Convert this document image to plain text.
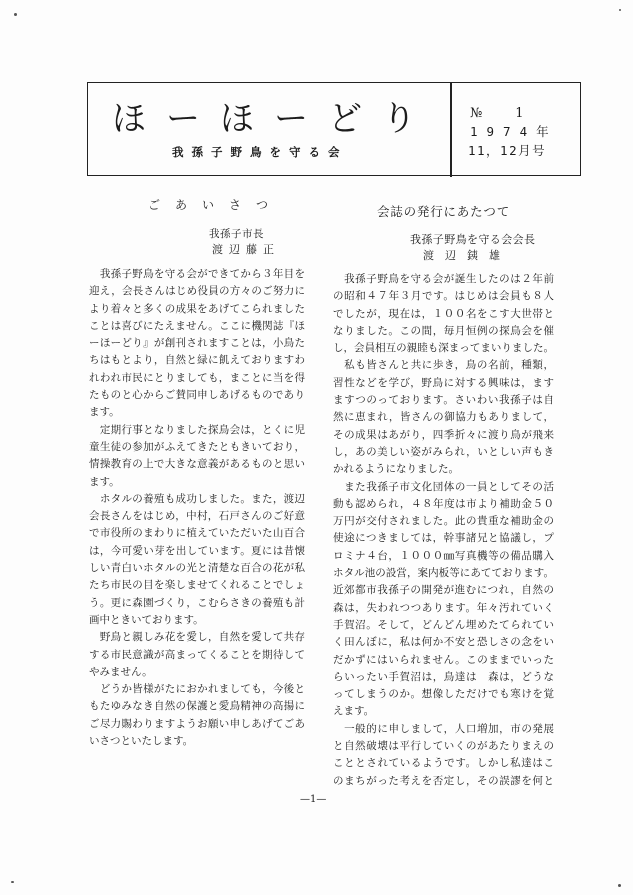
ほーほーどり
我孫子野鳥を守る会
№　1
1974年
11，12月号
ごあいさつ
我孫子市長
渡辺藤正
　我孫子野鳥を守る会ができてから３年目を
迎え，会長さんはじめ役員の方々のご努力に
より着々と多くの成果をあげてこられました
ことは喜びにたえません。ここに機関誌『ほ
ーほーどり』が創刊されますことは，小鳥た
ちはもとより，自然と緑に飢えておりますわ
れわれ市民にとりましても，まことに当を得
たものと心からご賛同申しあげるものであり
ます。
　定期行事となりました探鳥会は，とくに児
童生徒の参加がふえてきたともきいており，
情操教育の上で大きな意義があるものと思い
ます。
　ホタルの養殖も成功しました。また，渡辺
会長さんをはじめ，中村，石戸さんのご好意
で市役所のまわりに植えていただいた山百合
は，今可愛い芽を出しています。夏には昔懐
しい青白いホタルの光と清楚な百合の花が私
たち市民の目を楽しませてくれることでしょ
う。更に森園づくり，こむらさきの養殖も計
画中ときいております。
　野鳥と親しみ花を愛し，自然を愛して共存
する市民意識が高まってくることを期待して
やみません。
　どうか皆様がたにおかれましても，今後と
もたゆみなき自然の保護と愛鳥精神の高揚に
ご尽力賜わりますようお願い申しあげてごあ
いさつといたします。
会誌の発行にあたつて
我孫子野鳥を守る会会長
渡辺銕雄
　我孫子野鳥を守る会が誕生したのは２年前
の昭和４７年３月です。はじめは会員も８人
でしたが，現在は，１００名をこす大世帯と
なりました。この間，毎月恒例の探鳥会を催
し，会員相互の親睦も深まってまいりました。
　私も皆さんと共に歩き，鳥の名前，種類，
習性などを学び，野鳥に対する興味は，ます
ますつのっております。さいわい我孫子は自
然に恵まれ，皆さんの御協力もありまして，
その成果はあがり，四季折々に渡り鳥が飛来
し，あの美しい姿がみられ，いとしい声もき
かれるようになりました。
　また我孫子市文化団体の一員としてその活
動も認められ，４８年度は市より補助金５０
万円が交付されました。此の貴重な補助金の
使途につきましては，幹事諸兄と協議し，プ
ロミナ４台，１０００㎜写真機等の備品購入
ホタル池の設営，案内板等にあてております。
近郊都市我孫子の開発が進むにつれ，自然の
森は，失われつつあります。年々汚れていく
手賀沼。そして，どんどん埋めたてられてい
く田んぼに，私は何か不安と恐しさの念をい
だかずにはいられません。このままでいった
らいったい手賀沼は，鳥達は　森は，どうな
ってしまうのか。想像しただけでも寒けを覚
えます。
　一般的に申しまして，人口増加，市の発展
と自然破壊は平行していくのがあたりまえの
こととされているようです。しかし私達はこ
のまちがった考えを否定し，その誤謬を何と
—1—
